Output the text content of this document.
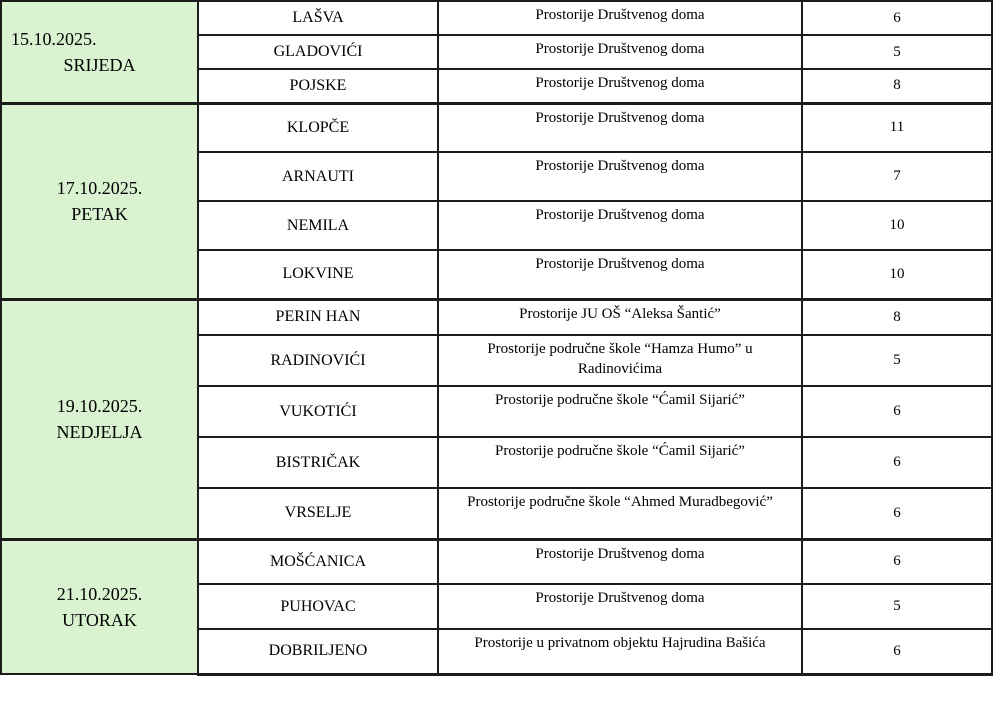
15.10.2025.
SRIJEDA	LAŠVA	Prostorije Društvenog doma	6
	GLADOVIĆI	Prostorije Društvenog doma	5
	POJSKE	Prostorije Društvenog doma	8

17.10.2025.
PETAK	KLOPČE	Prostorije Društvenog doma	11
	ARNAUTI	Prostorije Društvenog doma	7
	NEMILA	Prostorije Društvenog doma	10
	LOKVINE	Prostorije Društvenog doma	10

19.10.2025.
NEDJELJA	PERIN HAN	Prostorije JU OŠ “Aleksa Šantić”	8
	RADINOVIĆI	Prostorije područne škole “Hamza Humo” u Radinovićima	5
	VUKOTIĆI	Prostorije područne škole “Ćamil Sijarić”	6
	BISTRIČAK	Prostorije područne škole “Ćamil Sijarić”	6
	VRSELJE	Prostorije područne škole “Ahmed Muradbegović”	6

21.10.2025.
UTORAK	MOŠĆANICA	Prostorije Društvenog doma	6
	PUHOVAC	Prostorije Društvenog doma	5
	DOBRILJENO	Prostorije u privatnom objektu Hajrudina Bašića	6
